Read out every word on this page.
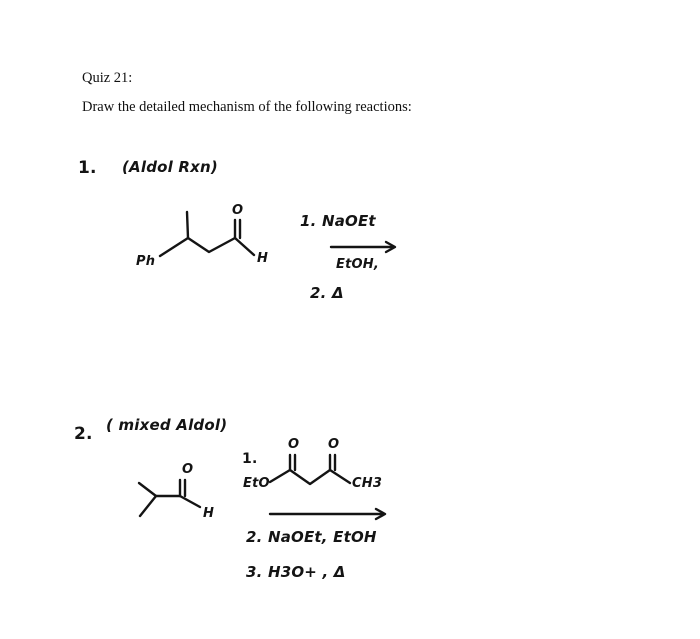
Quiz 21:
Draw the detailed mechanism of the following reactions:
1. (Aldol Rxn)
Ph
O
H
1. NaOEt
EtOH,
2. Δ
2. ( mixed Aldol)
O
H
1.
EtO
O O
CH3
2. NaOEt, EtOH
3. H3O+ , Δ
